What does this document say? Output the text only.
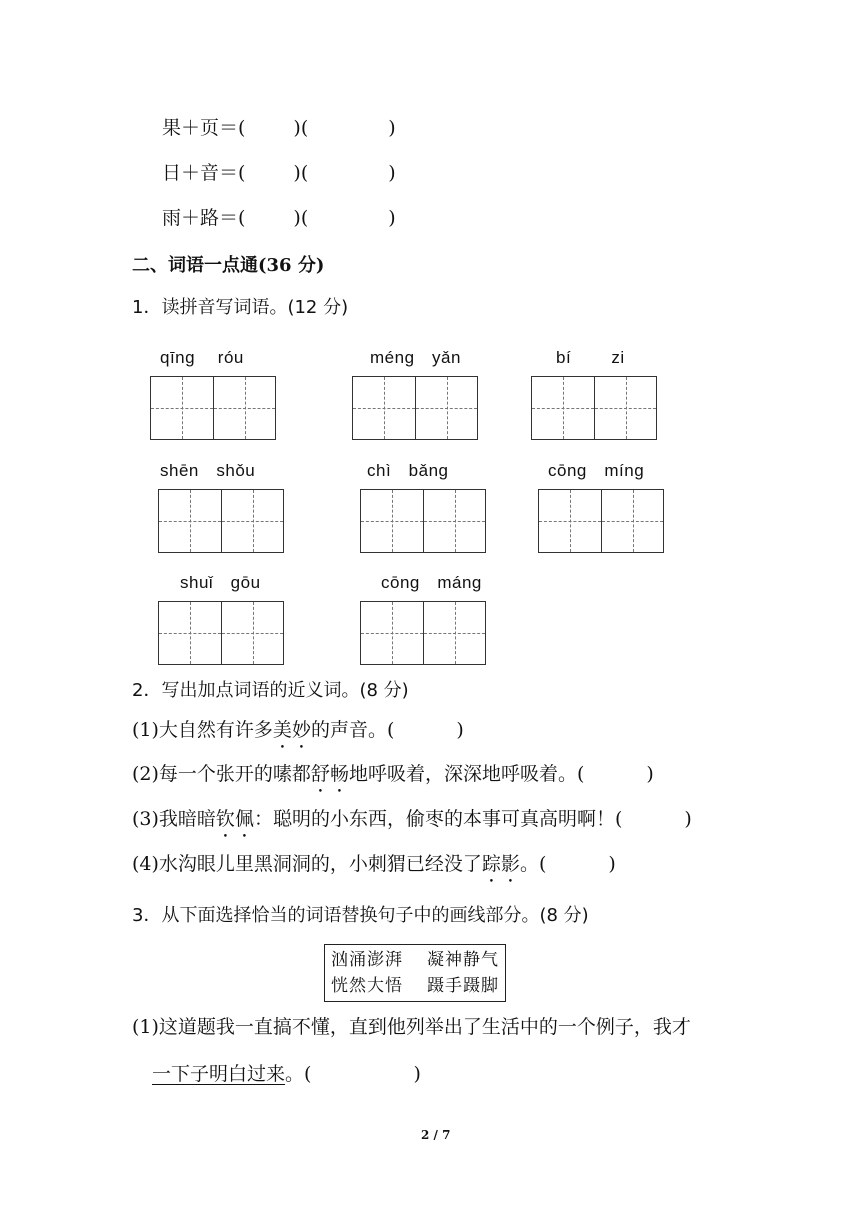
果＋页＝(	)(	)
日＋音＝(	)(	)
雨＋路＝(	)(	)
二、词语一点通(36 分)
1．读拼音写词语。(12 分)
qīng　 róu	méng　yǎn	bí　 　zi
shēn　shǒu	chì　bǎng	cōng　míng
shuǐ　gōu	cōng　máng
2．写出加点词语的近义词。(8 分)
(1)大自然有许多美妙的声音。(	)
(2)每一个张开的嗉都舒畅地呼吸着，深深地呼吸着。(	)
(3)我暗暗钦佩：聪明的小东西，偷枣的本事可真高明啊！(	)
(4)水沟眼儿里黑洞洞的，小刺猬已经没了踪影。(	)
3．从下面选择恰当的词语替换句子中的画线部分。(8 分)
汹涌澎湃 凝神静气
恍然大悟 蹑手蹑脚
(1)这道题我一直搞不懂，直到他列举出了生活中的一个例子，我才
一下子明白过来。(	)
2 / 7
